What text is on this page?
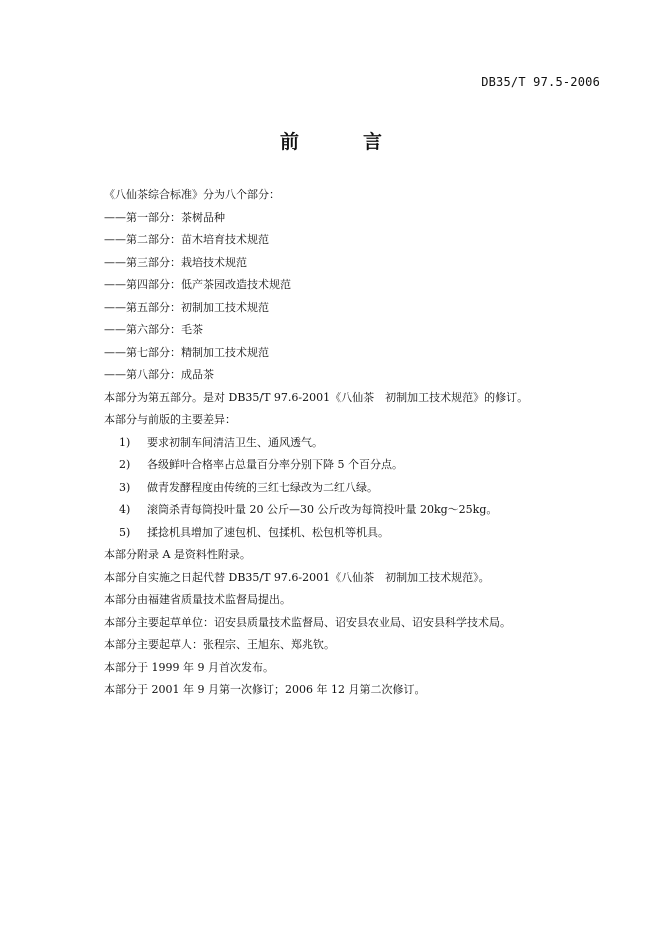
DB35/T 97.5-2006
前	言
《八仙茶综合标准》分为八个部分：
——第一部分：茶树品种
——第二部分：苗木培育技术规范
——第三部分：栽培技术规范
——第四部分：低产茶园改造技术规范
——第五部分：初制加工技术规范
——第六部分：毛茶
——第七部分：精制加工技术规范
——第八部分：成品茶
本部分为第五部分。是对 DB35/T 97.6-2001《八仙茶　初制加工技术规范》的修订。
本部分与前版的主要差异：
1) 要求初制车间清洁卫生、通风透气。
2) 各级鲜叶合格率占总量百分率分别下降 5 个百分点。
3) 做青发酵程度由传统的三红七绿改为二红八绿。
4) 滚筒杀青每筒投叶量 20 公斤—30 公斤改为每筒投叶量 20kg～25kg。
5) 揉捻机具增加了速包机、包揉机、松包机等机具。
本部分附录 A 是资料性附录。
本部分自实施之日起代替 DB35/T 97.6-2001《八仙茶　初制加工技术规范》。
本部分由福建省质量技术监督局提出。
本部分主要起草单位：诏安县质量技术监督局、诏安县农业局、诏安县科学技术局。
本部分主要起草人：张程宗、王旭东、郑兆钦。
本部分于 1999 年 9 月首次发布。
本部分于 2001 年 9 月第一次修订；2006 年 12 月第二次修订。
